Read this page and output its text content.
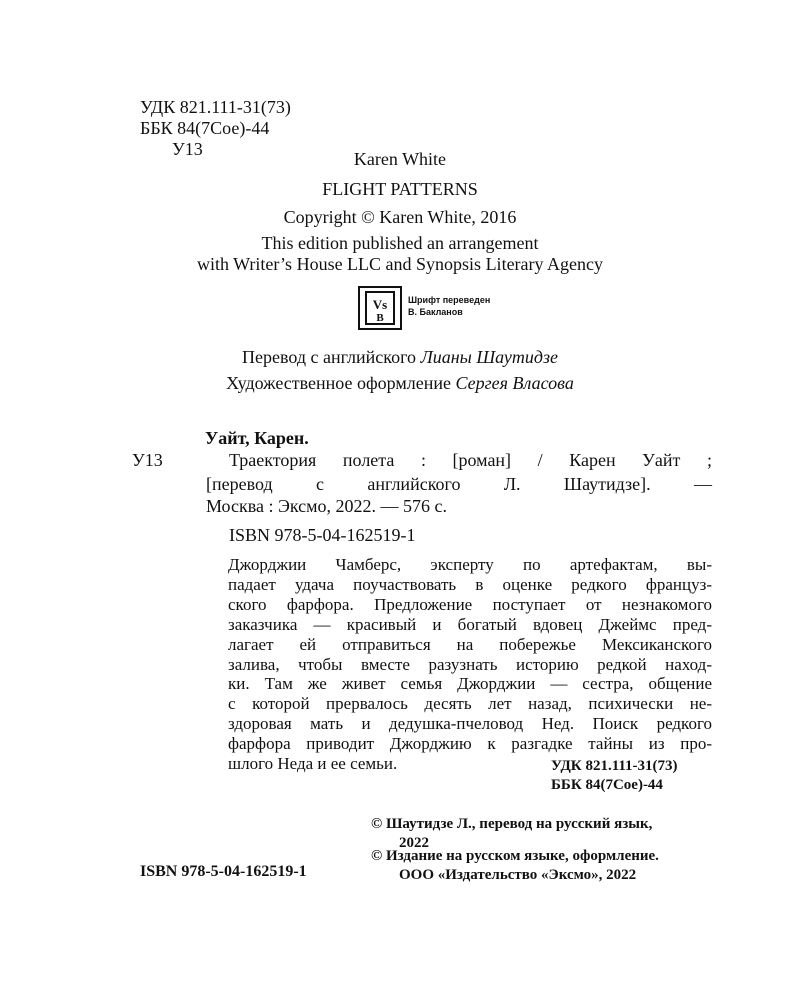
УДК 821.111-31(73)
ББК 84(7Сое)-44
У13	Karen White
FLIGHT PATTERNS
Copyright © Karen White, 2016
This edition published an arrangement
with Writer’s House LLC and Synopsis Literary Agency
Vs
B
Шрифт переведен
В. Бакланов
Перевод с английского Лианы Шаутидзе
Художественное оформление Сергея Власова
Уайт, Карен.
У13	Траектория полета : [роман] / Карен Уайт ;
[перевод с английского Л. Шаутидзе]. —
Москва : Эксмо, 2022. — 576 с.
ISBN 978-5-04-162519-1
Джорджии Чамберс, эксперту по артефактам, вы-
падает удача поучаствовать в оценке редкого француз-
ского фарфора. Предложение поступает от незнакомого
заказчика — красивый и богатый вдовец Джеймс пред-
лагает ей отправиться на побережье Мексиканского
залива, чтобы вместе разузнать историю редкой наход-
ки. Там же живет семья Джорджии — сестра, общение
с которой прервалось десять лет назад, психически не-
здоровая мать и дедушка-пчеловод Нед. Поиск редкого
фарфора приводит Джорджию к разгадке тайны из про-
шлого Неда и ее семьи.	УДК 821.111-31(73)
ББК 84(7Сое)-44
ISBN 978-5-04-162519-1
© Шаутидзе Л., перевод на русский язык,
2022
© Издание на русском языке, оформление.
ООО «Издательство «Эксмо», 2022
